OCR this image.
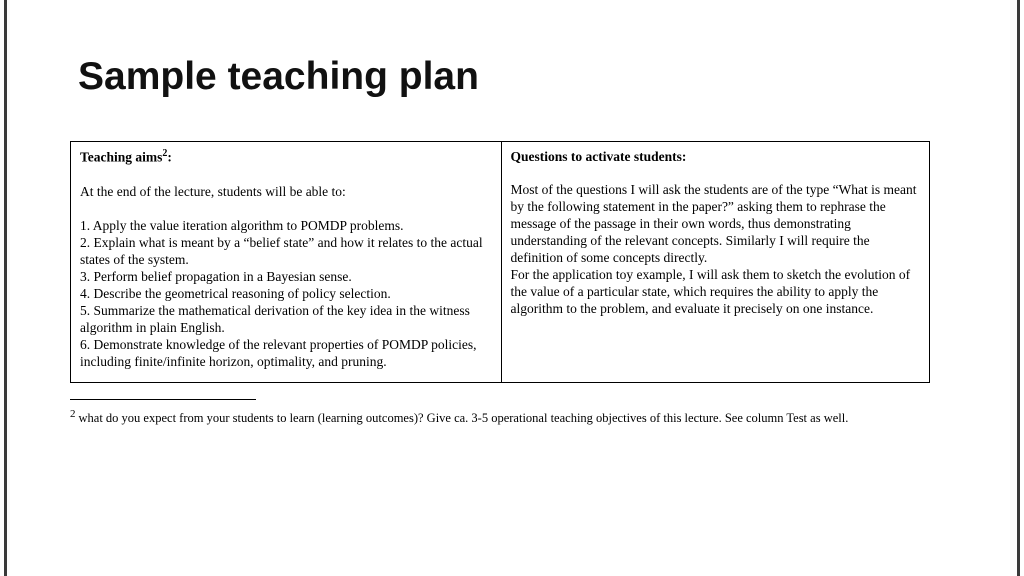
Sample teaching plan
Teaching aims$^2$:

At the end of the lecture, students will be able to:

1. Apply the value iteration algorithm to POMDP problems.
2. Explain what is meant by a “belief state” and how it relates to the actual states of the system.
3. Perform belief propagation in a Bayesian sense.
4. Describe the geometrical reasoning of policy selection.
5. Summarize the mathematical derivation of the key idea in the witness algorithm in plain English.
6. Demonstrate knowledge of the relevant properties of POMDP policies, including finite/infinite horizon, optimality, and pruning.
Questions to activate students:

Most of the questions I will ask the students are of the type “What is meant by the following statement in the paper?” asking them to rephrase the message of the passage in their own words, thus demonstrating understanding of the relevant concepts. Similarly I will require the definition of some concepts directly.

For the application toy example, I will ask them to sketch the evolution of the value of a particular state, which requires the ability to apply the algorithm to the problem, and evaluate it precisely on one instance.

$^2$ what do you expect from your students to learn (learning outcomes)? Give ca. 3-5 operational teaching objectives of this lecture. See column Test as well.
